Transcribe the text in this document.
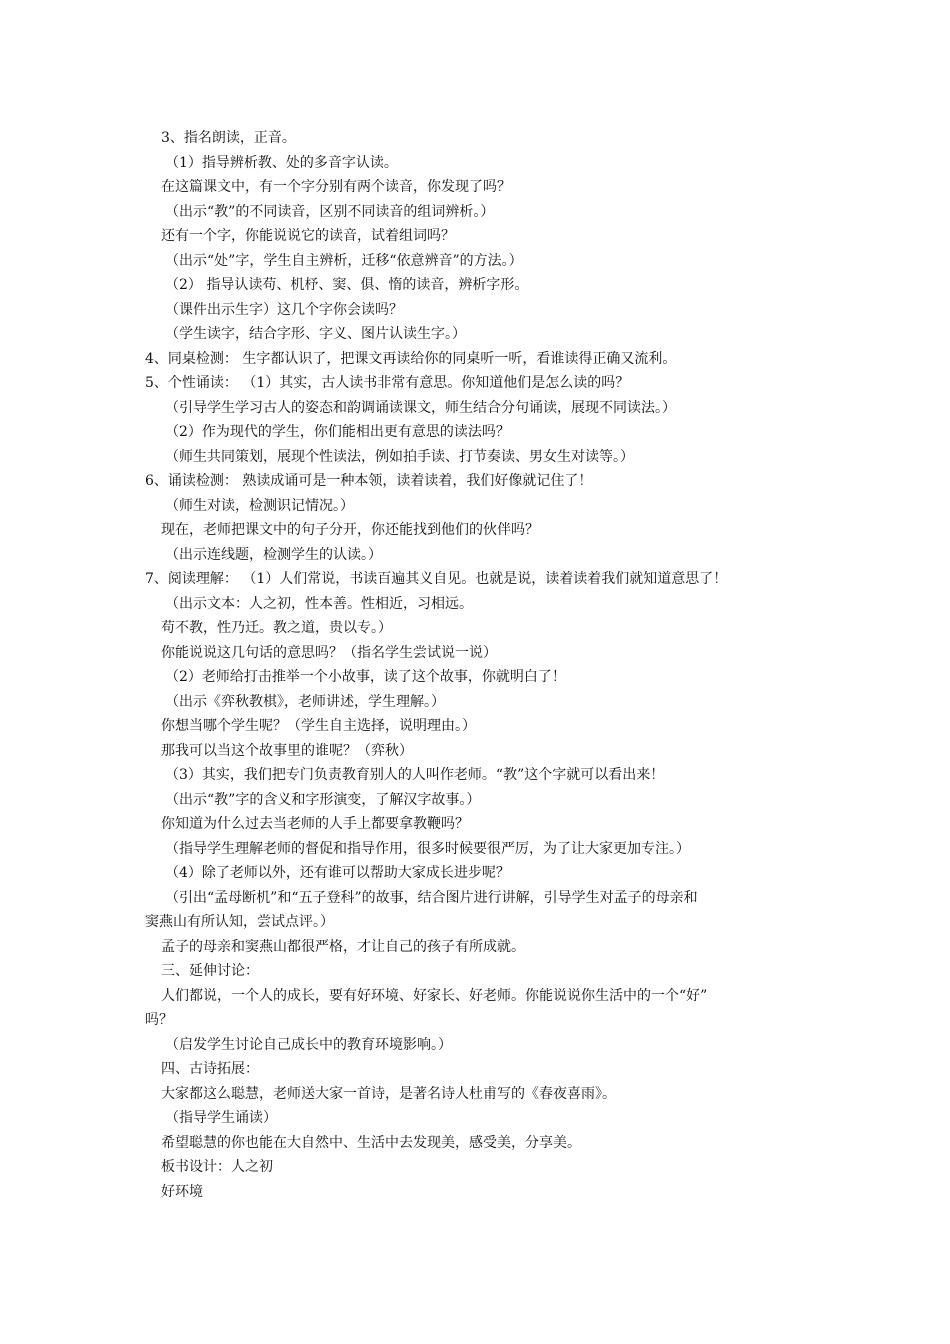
3、指名朗读，正音。
（1）指导辨析教、处的多音字认读。
在这篇课文中，有一个字分别有两个读音，你发现了吗？
（出示“教”的不同读音，区别不同读音的组词辨析。）
还有一个字，你能说说它的读音，试着组词吗？
（出示“处”字，学生自主辨析，迁移“依意辨音”的方法。）
（2） 指导认读苟、机杼、窦、俱、惰的读音，辨析字形。
（课件出示生字）这几个字你会读吗？
（学生读字，结合字形、字义、图片认读生字。）
4、同桌检测： 生字都认识了，把课文再读给你的同桌听一听，看谁读得正确又流利。
5、个性诵读： （1）其实，古人读书非常有意思。你知道他们是怎么读的吗？
（引导学生学习古人的姿态和韵调诵读课文，师生结合分句诵读，展现不同读法。）
（2）作为现代的学生，你们能相出更有意思的读法吗？
（师生共同策划，展现个性读法，例如拍手读、打节奏读、男女生对读等。）
6、诵读检测： 熟读成诵可是一种本领，读着读着，我们好像就记住了！
（师生对读，检测识记情况。）
现在，老师把课文中的句子分开，你还能找到他们的伙伴吗？
（出示连线题，检测学生的认读。）
7、阅读理解： （1）人们常说，书读百遍其义自见。也就是说，读着读着我们就知道意思了！
（出示文本：人之初，性本善。性相近，习相远。
苟不教，性乃迁。教之道，贵以专。）
你能说说这几句话的意思吗？（指名学生尝试说一说）
（2）老师给打击推举一个小故事，读了这个故事，你就明白了！
（出示《弈秋教棋》，老师讲述，学生理解。）
你想当哪个学生呢？（学生自主选择，说明理由。）
那我可以当这个故事里的谁呢？（弈秋）
（3）其实，我们把专门负责教育别人的人叫作老师。“教”这个字就可以看出来！
（出示“教”字的含义和字形演变，了解汉字故事。）
你知道为什么过去当老师的人手上都要拿教鞭吗？
（指导学生理解老师的督促和指导作用，很多时候要很严厉，为了让大家更加专注。）
（4）除了老师以外，还有谁可以帮助大家成长进步呢？
（引出“孟母断机”和“五子登科”的故事，结合图片进行讲解，引导学生对孟子的母亲和
窦燕山有所认知，尝试点评。）
孟子的母亲和窦燕山都很严格，才让自己的孩子有所成就。
三、延伸讨论：
人们都说，一个人的成长，要有好环境、好家长、好老师。你能说说你生活中的一个“好”
吗？
（启发学生讨论自己成长中的教育环境影响。）
四、古诗拓展：
大家都这么聪慧，老师送大家一首诗，是著名诗人杜甫写的《春夜喜雨》。
（指导学生诵读）
希望聪慧的你也能在大自然中、生活中去发现美，感受美，分享美。
板书设计：人之初
好环境
